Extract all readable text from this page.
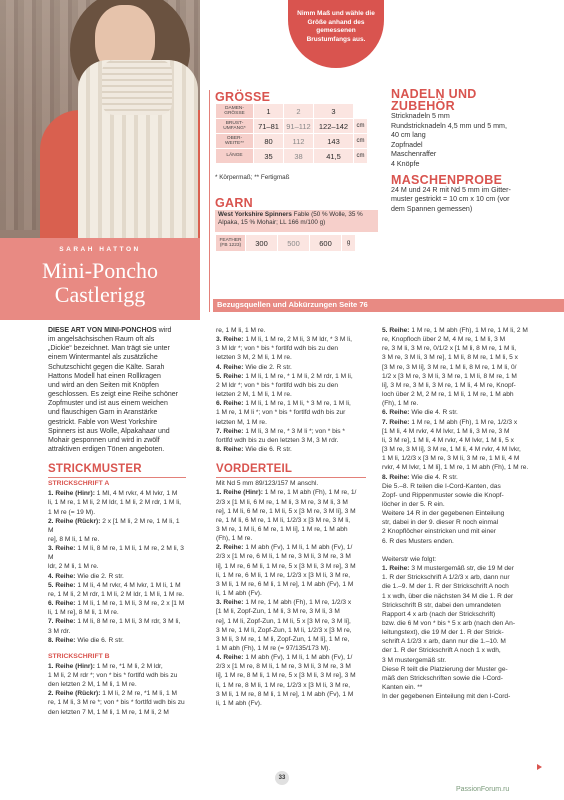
SARAH HATTON
Mini-Poncho
Castlerigg

Nimm Maß und wähle die Größe anhand des gemessenen Brustumfangs aus.

GRÖSSE
DAMEN-GRÖSSE	1	2	3	
BRUST-UMFANG*	71–81	91–112	122–142	cm
OBER-WEITE**	80	112	143	cm
LÄNGE	35	38	41,5	cm
* Körpermaß; ** Fertigmaß
GARN
West Yorkshire Spinners Fable (50 % Wolle, 35 % Alpaka, 15 % Mohair; LL 166 m/100 g)
FEATHER (FB 1223)	300	500	600	g
NADELN UND
ZUBEHÖR

Stricknadeln 5 mm

Rundstricknadeln 4,5 mm und 5 mm,

40 cm lang

Zopfnadel

Maschenraffer

4 Knöpfe

MASCHENPROBE

24 M und 24 R mit Nd 5 mm im Gitter-

muster gestrickt = 10 cm x 10 cm (vor

dem Spannen gemessen)

Bezugsquellen und Abkürzungen Seite 76

DIESE ART VON MINI-PONCHOS wird

im angelsächsischen Raum oft als

„Dickie“ bezeichnet. Man trägt sie unter

einem Wintermantel als zusätzliche

Schutzschicht gegen die Kälte. Sarah

Hattons Modell hat einen Rollkragen

und wird an den Seiten mit Knöpfen

geschlossen. Es zeigt eine Reihe schöner

Zopfmuster und ist aus einem weichen

und flauschigen Garn in Aranstärke

gestrickt. Fable von West Yorkshire

Spinners ist aus Wolle, Alpakahaar und

Mohair gesponnen und wird in zwölf

attraktiven erdigen Tönen angeboten.

STRICKMUSTER
STRICKSCHRIFT A

1. Reihe (Hinr): 1 Ml, 4 M rvkr, 4 M lvkr, 1 M

li, 1 M re, 1 M li, 2 M ldr, 1 M li, 2 M rdr, 1 M li,

1 M re (= 19 M).

2. Reihe (Rückr): 2 x [1 M li, 2 M re, 1 M li, 1 M

re], 8 M li, 1 M re.

3. Reihe: 1 M li, 8 M re, 1 M li, 1 M re, 2 M li, 3 M

ldr, 2 M li, 1 M re.

4. Reihe: Wie die 2. R str.

5. Reihe: 1 M li, 4 M rvkr, 4 M lvkr, 1 M li, 1 M

re, 1 M li, 2 M rdr, 1 M li, 2 M ldr, 1 M li, 1 M re.

6. Reihe: 1 M li, 1 M re, 1 M li, 3 M re, 2 x [1 M

li, 1 M re], 8 M li, 1 M re.

7. Reihe: 1 M li, 8 M re, 1 M li, 3 M rdr, 3 M li,

3 M rdr.

8. Reihe: Wie die 6. R str.

STRICKSCHRIFT B

1. Reihe (Hinr): 1 M re, *1 M li, 2 M ldr,

1 M li, 2 M rdr *; von * bis * fortlfd wdh bis zu

den letzten 2 M, 1 M li, 1 M re.

2. Reihe (Rückr): 1 M li, 2 M re, *1 M li, 1 M

re, 1 M li, 3 M re *; von * bis * fortlfd wdh bis zu

den letzten 7 M, 1 M li, 1 M re, 1 M li, 2 M

re, 1 M li, 1 M re.

3. Reihe: 1 M li, 1 M re, 2 M li, 3 M ldr, * 3 M li,

3 M ldr *; von * bis * fortlfd wdh bis zu den

letzten 3 M, 2 M li, 1 M re.

4. Reihe: Wie die 2. R str.

5. Reihe: 1 M li, 1 M re, * 1 M li, 2 M rdr, 1 M li,

2 M ldr *; von * bis * fortlfd wdh bis zu den

letzten 2 M, 1 M li, 1 M re.

6. Reihe: 1 M li, 1 M re, 1 M li, * 3 M re, 1 M li,

1 M re, 1 M li *; von * bis * fortlfd wdh bis zur

letzten M, 1 M re.

7. Reihe: 1 M li, 3 M re, * 3 M li *; von * bis *

fortlfd wdh bis zu den letzten 3 M, 3 M rdr.

8. Reihe: Wie die 6. R str.

VORDERTEIL

Mit Nd 5 mm 89/123/157 M anschl.

1. Reihe (Hinr): 1 M re, 1 M abh (Fh), 1 M re, 1/

2/3 x [1 M li, 6 M re, 1 M li, 3 M re, 3 M li, 3 M

re], 1 M li, 6 M re, 1 M li, 5 x [3 M re, 3 M li], 3 M

re, 1 M li, 6 M re, 1 M li, 1/2/3 x [3 M re, 3 M li,

3 M re, 1 M li, 6 M re, 1 M li], 1 M re, 1 M abh

(Fh), 1 M re.

2. Reihe: 1 M abh (Fv), 1 M li, 1 M abh (Fv), 1/

2/3 x [1 M re, 6 M li, 1 M re, 3 M li, 3 M re, 3 M

li], 1 M re, 6 M li, 1 M re, 5 x [3 M li, 3 M re], 3 M

li, 1 M re, 6 M li, 1 M re, 1/2/3 x [3 M li, 3 M re,

3 M li, 1 M re, 6 M li, 1 M re], 1 M abh (Fv), 1 M

li, 1 M abh (Fv).

3. Reihe: 1 M re, 1 M abh (Fh), 1 M re, 1/2/3 x

[1 M li, Zopf-Zun, 1 M li, 3 M re, 3 M li, 3 M

re], 1 M li, Zopf-Zun, 1 M li, 5 x [3 M re, 3 M li],

3 M re, 1 M li, Zopf-Zun, 1 M li, 1/2/3 x [3 M re,

3 M li, 3 M re, 1 M li, Zopf-Zun, 1 M li], 1 M re,

1 M abh (Fh), 1 M re (= 97/135/173 M).

4. Reihe: 1 M abh (Fv), 1 M li, 1 M abh (Fv), 1/

2/3 x [1 M re, 8 M li, 1 M re, 3 M li, 3 M re, 3 M

li], 1 M re, 8 M li, 1 M re, 5 x [3 M li, 3 M re], 3 M

li, 1 M re, 8 M li, 1 M re, 1/2/3 x [3 M li, 3 M re,

3 M li, 1 M re, 8 M li, 1 M re], 1 M abh (Fv), 1 M

li, 1 M abh (Fv).

5. Reihe: 1 M re, 1 M abh (Fh), 1 M re, 1 M li, 2 M

re, Knopfloch über 2 M, 4 M re, 1 M li, 3 M

re, 3 M li, 3 M re, 0/1/2 x [1 M li, 8 M re, 1 M li,

3 M re, 3 M li, 3 M re], 1 M li, 8 M re, 1 M li, 5 x

[3 M re, 3 M li], 3 M re, 1 M li, 8 M re, 1 M li, 0/

1/2 x [3 M re, 3 M li, 3 M re, 1 M li, 8 M re, 1 M

li], 3 M re, 3 M li, 3 M re, 1 M li, 4 M re, Knopf-

loch über 2 M, 2 M re, 1 M li, 1 M re, 1 M abh

(Fh), 1 M re.

6. Reihe: Wie die 4. R str.

7. Reihe: 1 M re, 1 M abh (Fh), 1 M re, 1/2/3 x

[1 M li, 4 M rvkr, 4 M lvkr, 1 M li, 3 M re, 3 M

li, 3 M re], 1 M li, 4 M rvkr, 4 M lvkr, 1 M li, 5 x

[3 M re, 3 M li], 3 M re, 1 M li, 4 M rvkr, 4 M lvkr,

1 M li, 1/2/3 x [3 M re, 3 M li, 3 M re, 1 M li, 4 M

rvkr, 4 M lvkr, 1 M li], 1 M re, 1 M abh (Fh), 1 M re.

8. Reihe: Wie die 4. R str.

Die 5.–8. R teilen die I-Cord-Kanten, das

Zopf- und Rippenmuster sowie die Knopf-

löcher in der 5. R ein.

Weitere 14 R in der gegebenen Einteilung

str, dabei in der 9. dieser R noch einmal

2 Knopflöcher einstricken und mit einer

6. R des Musters enden.

Weiterstr wie folgt:

1. Reihe: 3 M mustergemäß str, die 19 M der

1. R der Strickschrift A 1/2/3 x arb, dann nur

die 1.–9. M der 1. R der Strickschrift A noch

1 x wdh, über die nächsten 34 M die 1. R der

Strickschrift B str, dabei den umrandeten

Rapport 4 x arb (nach der Strickschrift)

bzw. die 6 M von * bis * 5 x arb (nach den An-

leitungstext), die 19 M der 1. R der Strick-

schrift A 1/2/3 x arb, dann nur die 1.–10. M

der 1. R der Strickschrift A noch 1 x wdh,

3 M mustergemäß str.

Diese R teilt die Platzierung der Muster ge-

mäß den Strickschriften sowie die I-Cord-

Kanten ein. **

In der gegebenen Einteilung mit den I-Cord-

33
PassionForum.ru
